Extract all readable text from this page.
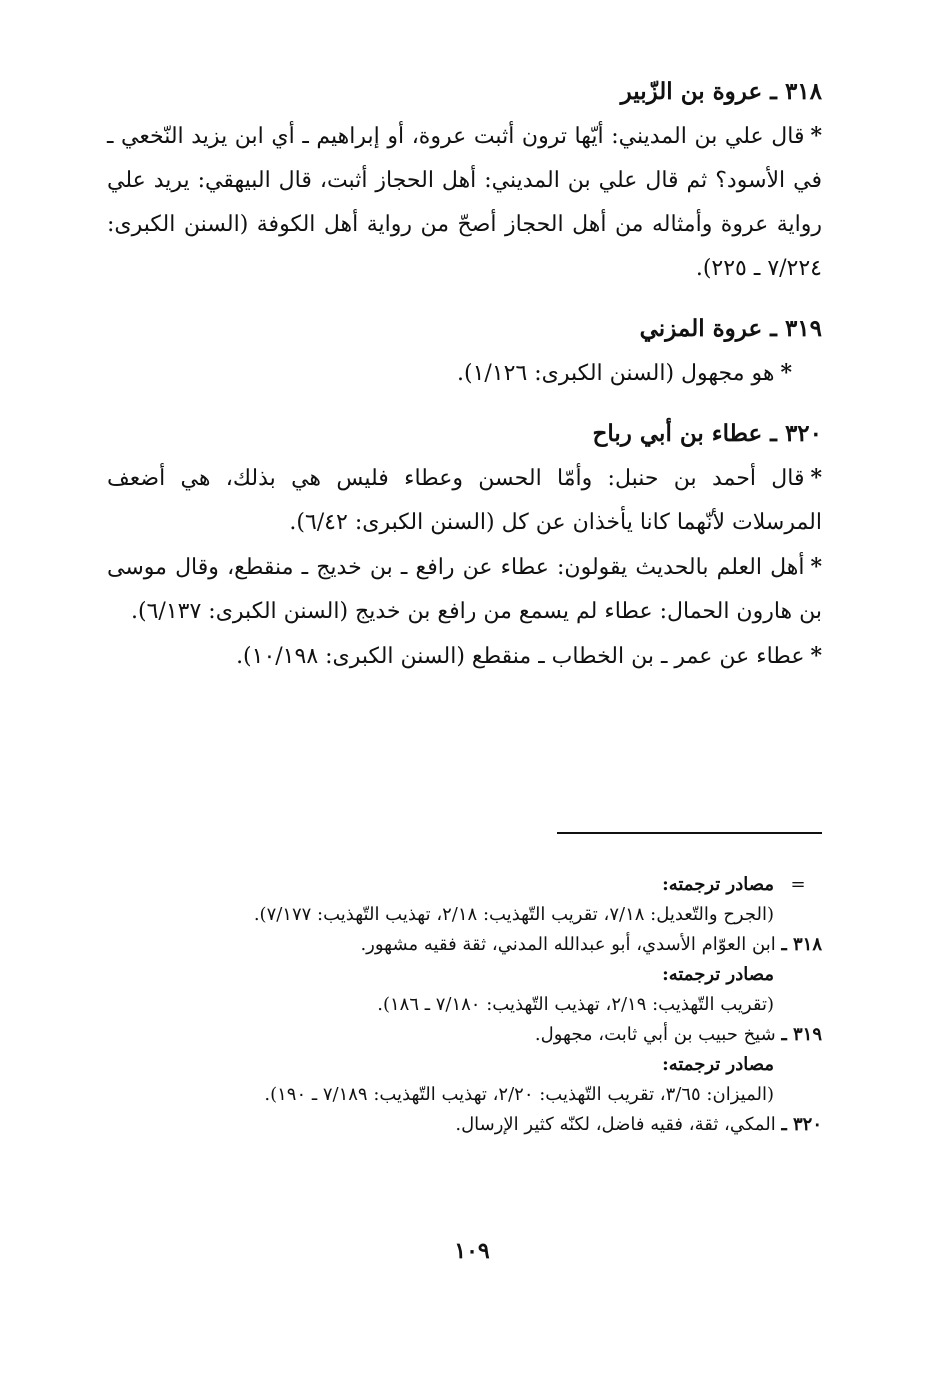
٣١٨ ـ عروة بن الزّبير

*قال علي بن المديني: أيّها ترون أثبت عروة، أو إبراهيم ـ أي ابن يزيد النّخعي ـ في الأسود؟ ثم قال علي بن المديني: أهل الحجاز أثبت، قال البيهقي: يريد علي رواية عروة وأمثاله من أهل الحجاز أصحّ من رواية أهل الكوفة (السنن الكبرى: ٧/٢٢٤ ـ ٢٢٥).

٣١٩ ـ عروة المزني

*هو مجهول (السنن الكبرى: ١/١٢٦).

٣٢٠ ـ عطاء بن أبي رباح

*قال أحمد بن حنبل: وأمّا الحسن وعطاء فليس هي بذلك، هي أضعف المرسلات لأنّهما كانا يأخذان عن كل (السنن الكبرى: ٦/٤٢).

*أهل العلم بالحديث يقولون: عطاء عن رافع ـ بن خديج ـ منقطع، وقال موسى بن هارون الحمال: عطاء لم يسمع من رافع بن خديج (السنن الكبرى: ٦/١٣٧).

*عطاء عن عمر ـ بن الخطاب ـ منقطع (السنن الكبرى: ١٠/١٩٨).

=مصادر ترجمته:

(الجرح والتّعديل: ٧/١٨، تقريب التّهذيب: ٢/١٨، تهذيب التّهذيب: ٧/١٧٧).

٣١٨ ـ ابن العوّام الأسدي، أبو عبدالله المدني، ثقة فقيه مشهور.

مصادر ترجمته:

(تقريب التّهذيب: ٢/١٩، تهذيب التّهذيب: ٧/١٨٠ ـ ١٨٦).

٣١٩ ـ شيخ حبيب بن أبي ثابت، مجهول.

مصادر ترجمته:

(الميزان: ٣/٦٥، تقريب التّهذيب: ٢/٢٠، تهذيب التّهذيب: ٧/١٨٩ ـ ١٩٠).

٣٢٠ ـ المكي، ثقة، فقيه فاضل، لكنّه كثير الإرسال.

١٠٩
